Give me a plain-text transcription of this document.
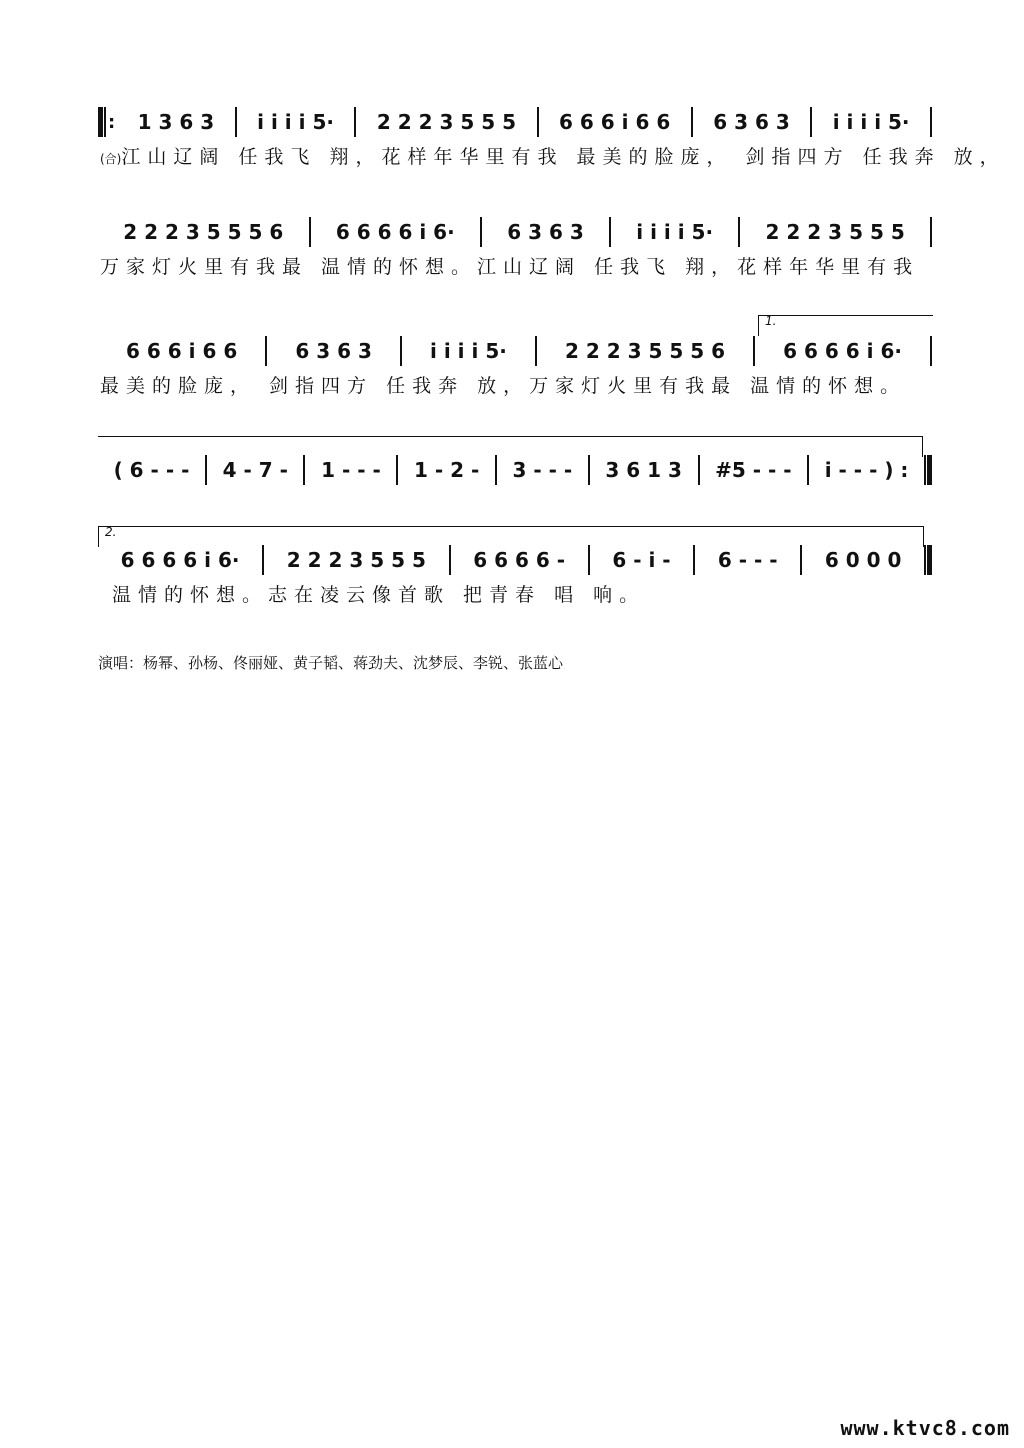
:	1 3 6 3	i i i i 5·	2 2 2 3 5 5 5	6 6 6 i 6 6	6 3 6 3	i i i i 5·
(合)江山辽阔 任我飞 翔，花样年华里有我 最美的脸庞， 剑指四方 任我奔 放，
2 2 2 3 5 5 5 6	6 6 6 6 i 6·	6 3 6 3	i i i i 5·	2 2 2 3 5 5 5
万家灯火里有我最 温情的怀想。江山辽阔 任我飞 翔，花样年华里有我
1.
6 6 6 i 6 6	6 3 6 3	i i i i 5·	2 2 2 3 5 5 5 6	6 6 6 6 i 6·
最美的脸庞， 剑指四方 任我奔 放，万家灯火里有我最 温情的怀想。
( 6 - - -	4 - 7 -	1 - - -	1 - 2 -	3 - - -	3 6 1 3	#5 - - -	i - - - ) :
2.
6 6 6 6 i 6·	2 2 2 3 5 5 5	6 6 6 6 -	6 - i -	6 - - -	6 0 0 0
温情的怀想。志在凌云像首歌 把青春 唱 响。
演唱：杨幂、孙杨、佟丽娅、黄子韬、蒋劲夫、沈梦辰、李锐、张蓝心
www.ktvc8.com
